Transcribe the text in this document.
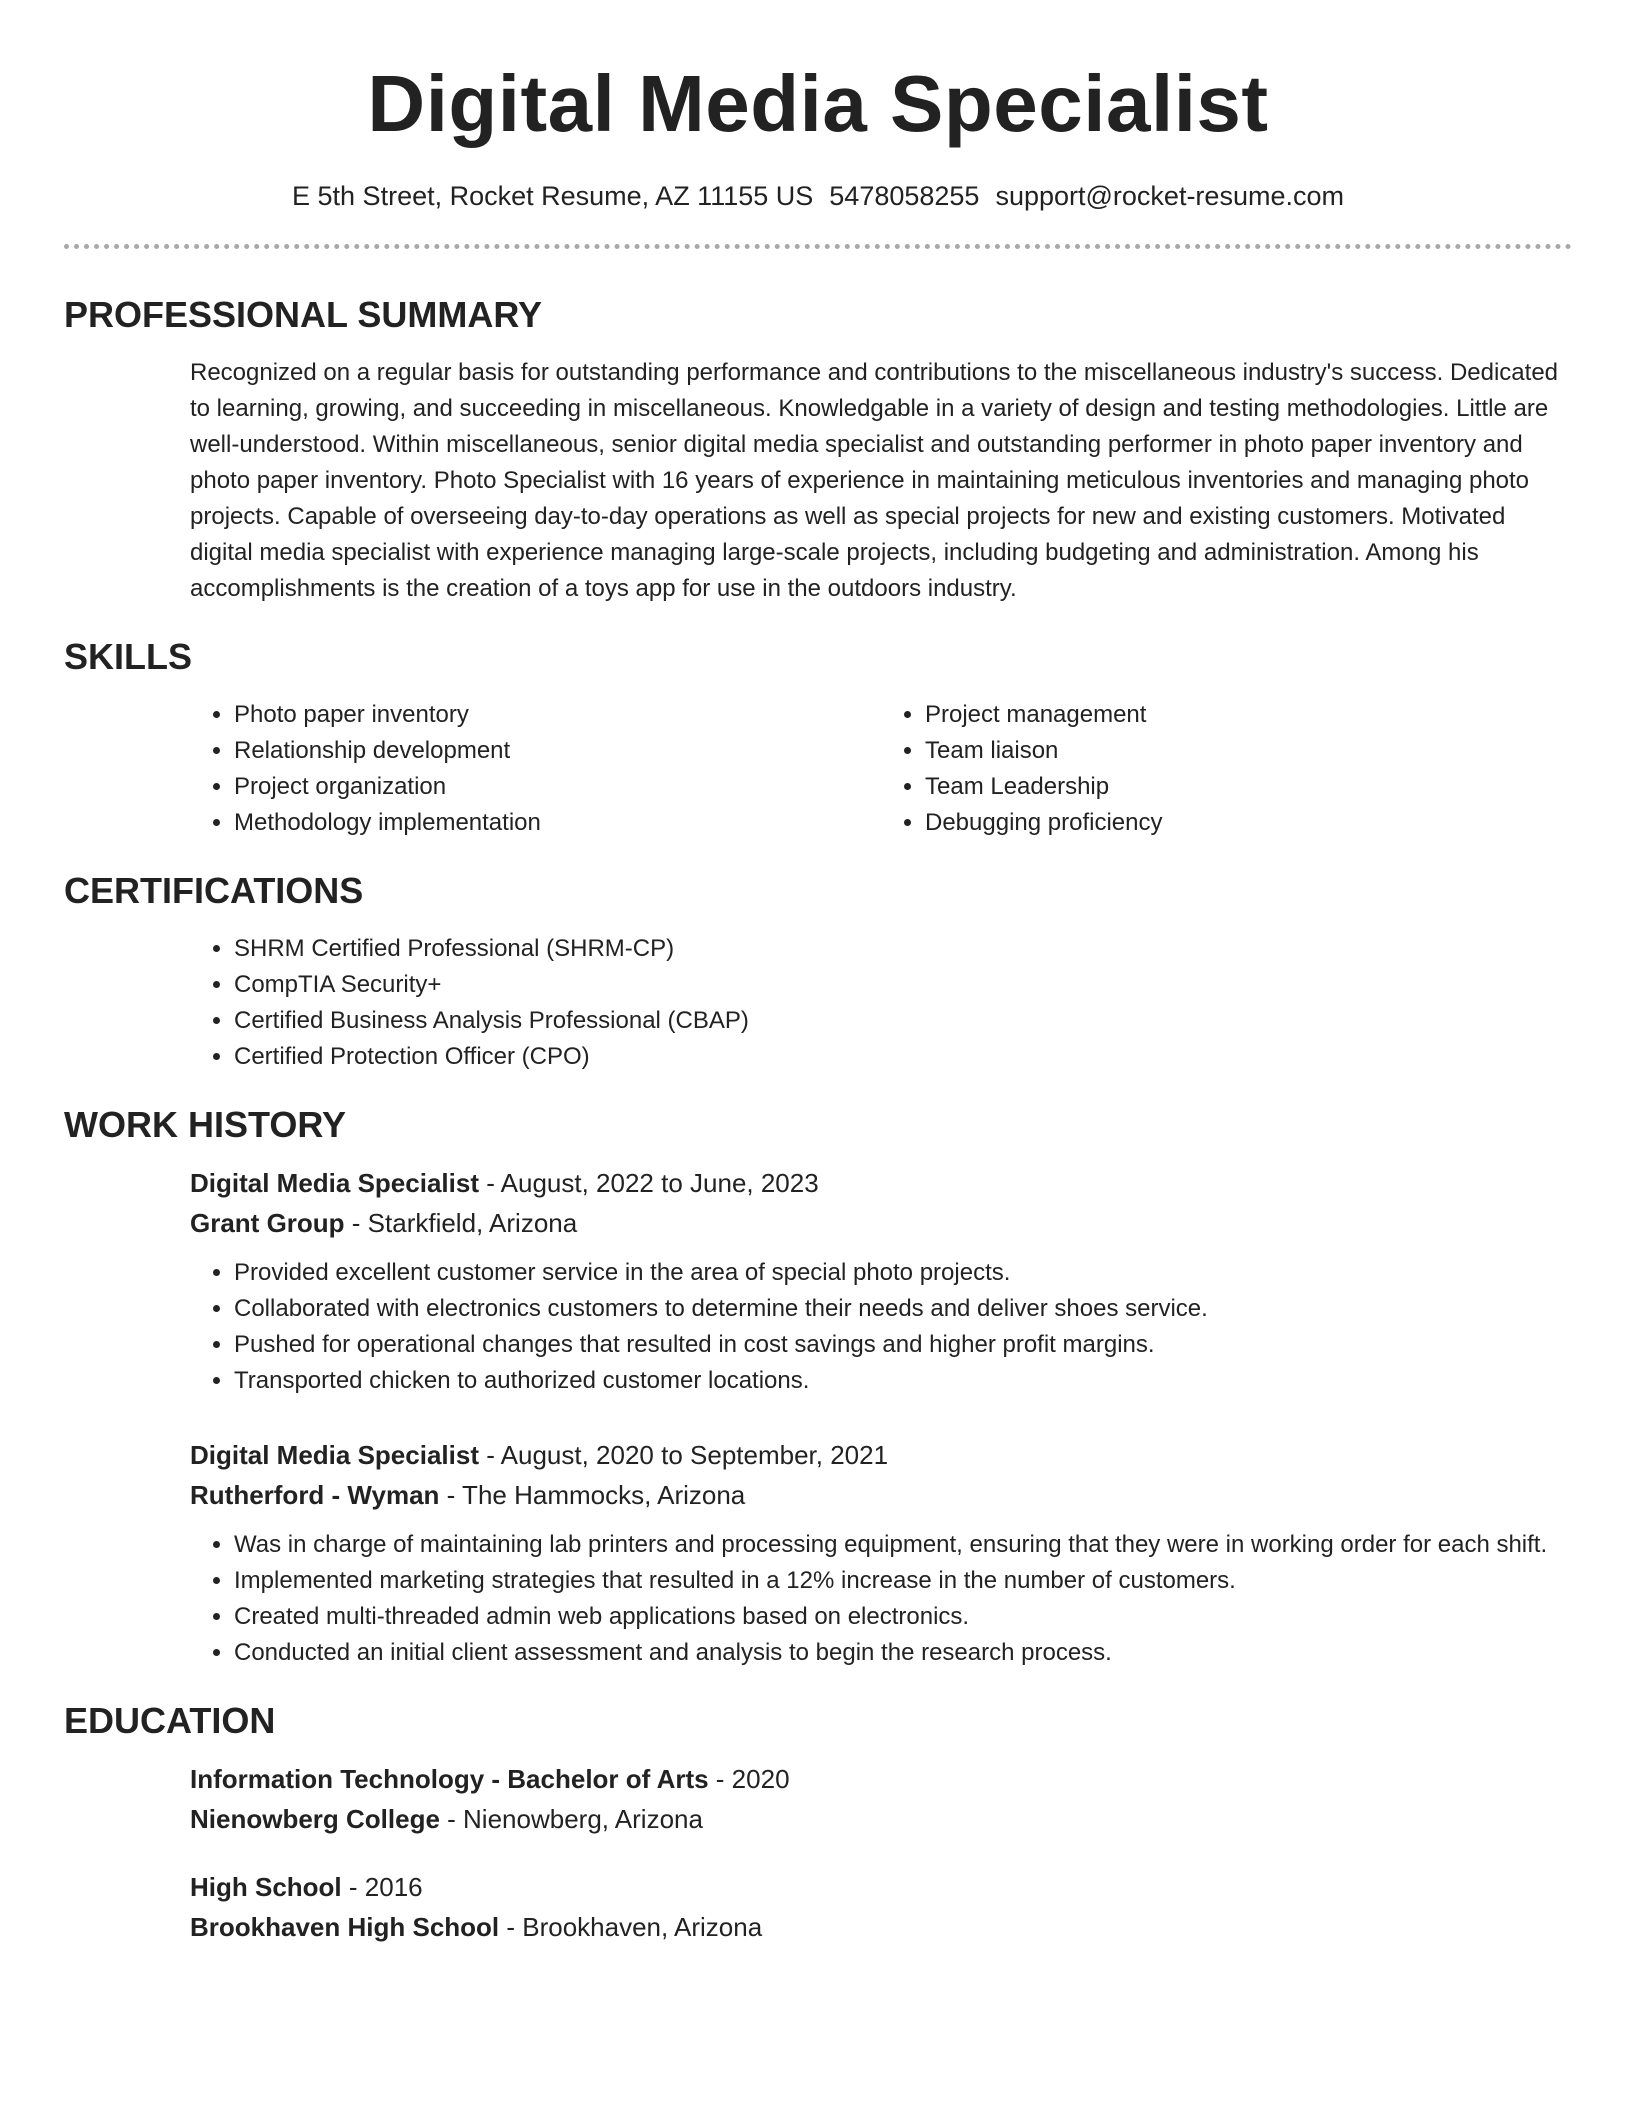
Digital Media Specialist
E 5th Street, Rocket Resume, AZ 11155 US 5478058255 support@rocket-resume.com
PROFESSIONAL SUMMARY
Recognized on a regular basis for outstanding performance and contributions to the miscellaneous industry's success. Dedicated to learning, growing, and succeeding in miscellaneous. Knowledgable in a variety of design and testing methodologies. Little are well-understood. Within miscellaneous, senior digital media specialist and outstanding performer in photo paper inventory and photo paper inventory. Photo Specialist with 16 years of experience in maintaining meticulous inventories and managing photo projects. Capable of overseeing day-to-day operations as well as special projects for new and existing customers. Motivated digital media specialist with experience managing large-scale projects, including budgeting and administration. Among his accomplishments is the creation of a toys app for use in the outdoors industry.
SKILLS
• Photo paper inventory
• Relationship development
• Project organization
• Methodology implementation
• Project management
• Team liaison
• Team Leadership
• Debugging proficiency
CERTIFICATIONS
• SHRM Certified Professional (SHRM-CP)
• CompTIA Security+
• Certified Business Analysis Professional (CBAP)
• Certified Protection Officer (CPO)
WORK HISTORY
Digital Media Specialist - August, 2022 to June, 2023
Grant Group - Starkfield, Arizona
• Provided excellent customer service in the area of special photo projects.
• Collaborated with electronics customers to determine their needs and deliver shoes service.
• Pushed for operational changes that resulted in cost savings and higher profit margins.
• Transported chicken to authorized customer locations.
Digital Media Specialist - August, 2020 to September, 2021
Rutherford - Wyman - The Hammocks, Arizona
• Was in charge of maintaining lab printers and processing equipment, ensuring that they were in working order for each shift.
• Implemented marketing strategies that resulted in a 12% increase in the number of customers.
• Created multi-threaded admin web applications based on electronics.
• Conducted an initial client assessment and analysis to begin the research process.
EDUCATION
Information Technology - Bachelor of Arts - 2020
Nienowberg College - Nienowberg, Arizona
High School - 2016
Brookhaven High School - Brookhaven, Arizona
